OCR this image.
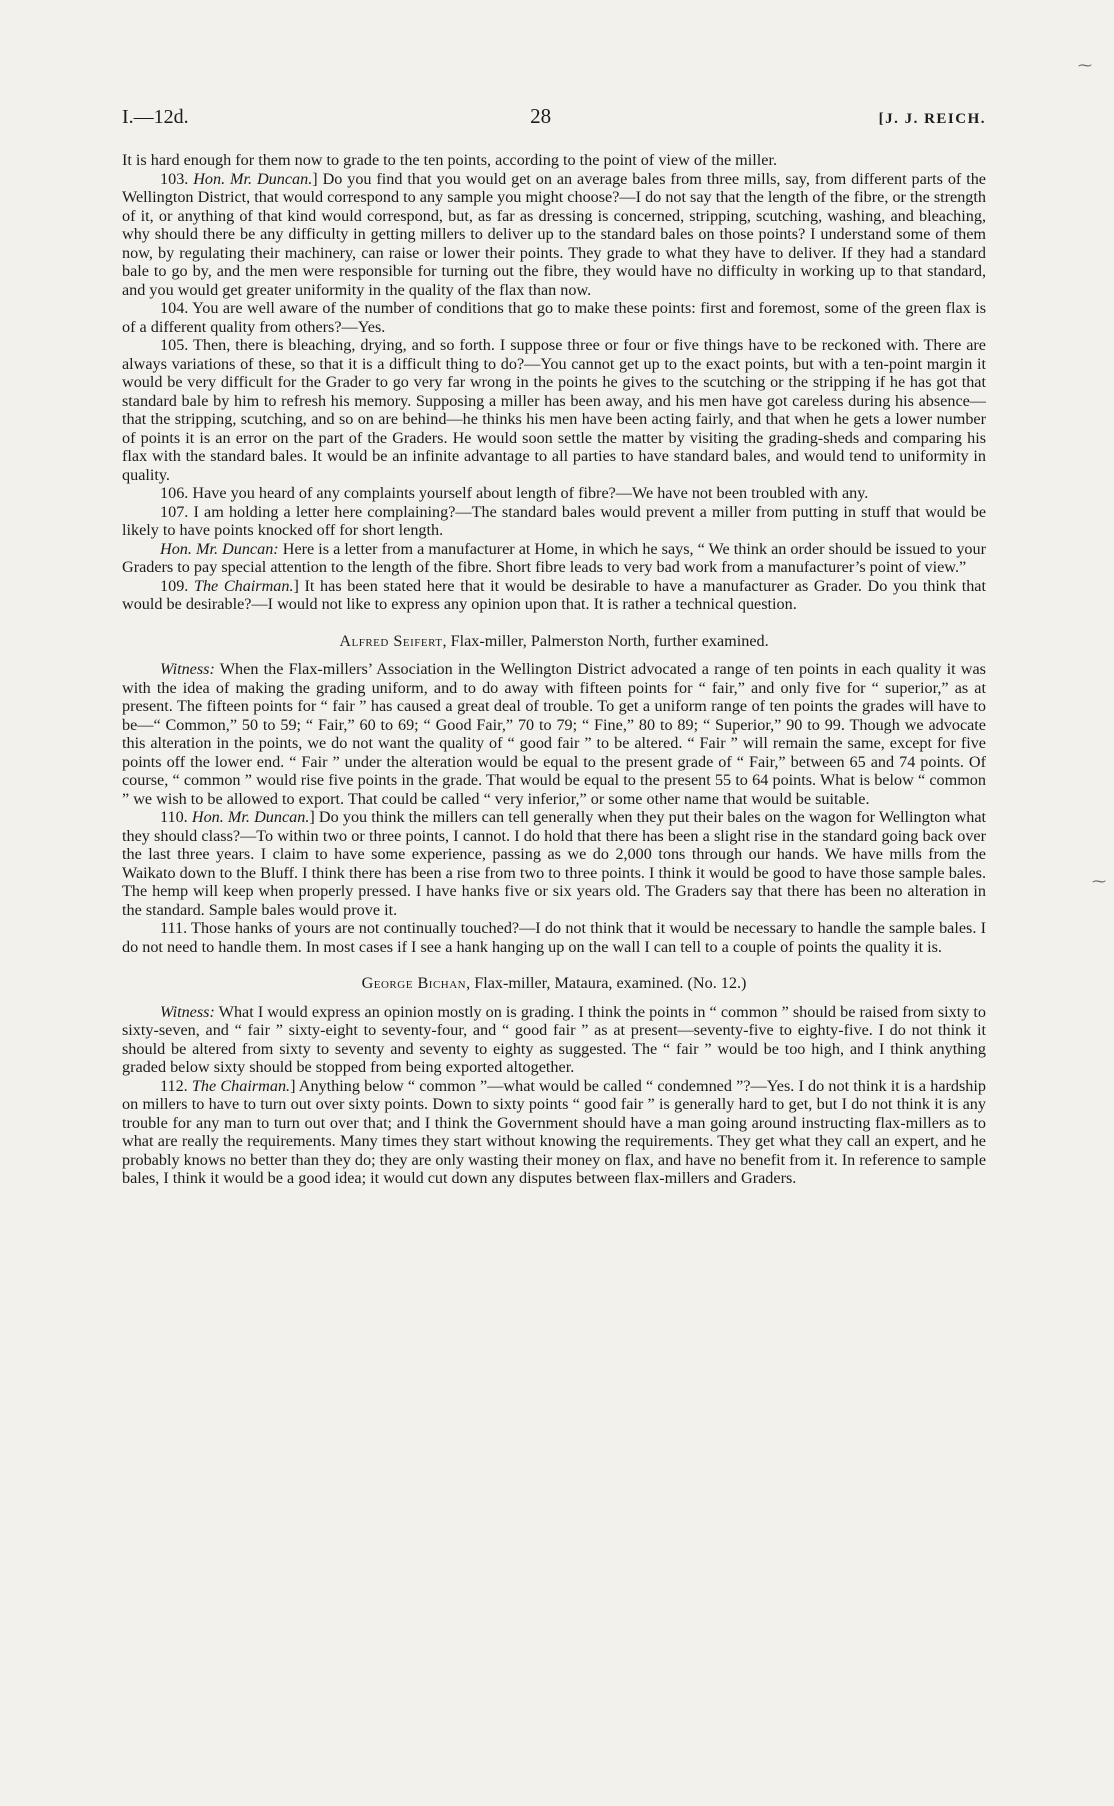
⁓
⁓
I.—12d.	28	[J. J. REICH.

It is hard enough for them now to grade to the ten points, according to the point of view of the miller.

103. Hon. Mr. Duncan.] Do you find that you would get on an average bales from three mills, say, from different parts of the Wellington District, that would correspond to any sample you might choose?—I do not say that the length of the fibre, or the strength of it, or anything of that kind would correspond, but, as far as dressing is concerned, stripping, scutching, washing, and bleaching, why should there be any difficulty in getting millers to deliver up to the standard bales on those points? I understand some of them now, by regulating their machinery, can raise or lower their points. They grade to what they have to deliver. If they had a standard bale to go by, and the men were responsible for turning out the fibre, they would have no difficulty in working up to that standard, and you would get greater uniformity in the quality of the flax than now.

104. You are well aware of the number of conditions that go to make these points: first and foremost, some of the green flax is of a different quality from others?—Yes.

105. Then, there is bleaching, drying, and so forth. I suppose three or four or five things have to be reckoned with. There are always variations of these, so that it is a difficult thing to do?—You cannot get up to the exact points, but with a ten-point margin it would be very difficult for the Grader to go very far wrong in the points he gives to the scutching or the stripping if he has got that standard bale by him to refresh his memory. Supposing a miller has been away, and his men have got careless during his absence—that the stripping, scutching, and so on are behind—he thinks his men have been acting fairly, and that when he gets a lower number of points it is an error on the part of the Graders. He would soon settle the matter by visiting the grading-sheds and comparing his flax with the standard bales. It would be an infinite advantage to all parties to have standard bales, and would tend to uniformity in quality.

106. Have you heard of any complaints yourself about length of fibre?—We have not been troubled with any.

107. I am holding a letter here complaining?—The standard bales would prevent a miller from putting in stuff that would be likely to have points knocked off for short length.

Hon. Mr. Duncan: Here is a letter from a manufacturer at Home, in which he says, “ We think an order should be issued to your Graders to pay special attention to the length of the fibre. Short fibre leads to very bad work from a manufacturer’s point of view.”

109. The Chairman.] It has been stated here that it would be desirable to have a manufacturer as Grader. Do you think that would be desirable?—I would not like to express any opinion upon that. It is rather a technical question.

Alfred Seifert, Flax-miller, Palmerston North, further examined.

Witness: When the Flax-millers’ Association in the Wellington District advocated a range of ten points in each quality it was with the idea of making the grading uniform, and to do away with fifteen points for “ fair,” and only five for “ superior,” as at present. The fifteen points for “ fair ” has caused a great deal of trouble. To get a uniform range of ten points the grades will have to be—“ Common,” 50 to 59; “ Fair,” 60 to 69; “ Good Fair,” 70 to 79; “ Fine,” 80 to 89; “ Superior,” 90 to 99. Though we advocate this alteration in the points, we do not want the quality of “ good fair ” to be altered. “ Fair ” will remain the same, except for five points off the lower end. “ Fair ” under the alteration would be equal to the present grade of “ Fair,” between 65 and 74 points. Of course, “ common ” would rise five points in the grade. That would be equal to the present 55 to 64 points. What is below “ common ” we wish to be allowed to export. That could be called “ very inferior,” or some other name that would be suitable.

110. Hon. Mr. Duncan.] Do you think the millers can tell generally when they put their bales on the wagon for Wellington what they should class?—To within two or three points, I cannot. I do hold that there has been a slight rise in the standard going back over the last three years. I claim to have some experience, passing as we do 2,000 tons through our hands. We have mills from the Waikato down to the Bluff. I think there has been a rise from two to three points. I think it would be good to have those sample bales. The hemp will keep when properly pressed. I have hanks five or six years old. The Graders say that there has been no alteration in the standard. Sample bales would prove it.

111. Those hanks of yours are not continually touched?—I do not think that it would be necessary to handle the sample bales. I do not need to handle them. In most cases if I see a hank hanging up on the wall I can tell to a couple of points the quality it is.

George Bichan, Flax-miller, Mataura, examined. (No. 12.)

Witness: What I would express an opinion mostly on is grading. I think the points in “ common ” should be raised from sixty to sixty-seven, and “ fair ” sixty-eight to seventy-four, and “ good fair ” as at present—seventy-five to eighty-five. I do not think it should be altered from sixty to seventy and seventy to eighty as suggested. The “ fair ” would be too high, and I think anything graded below sixty should be stopped from being exported altogether.

112. The Chairman.] Anything below “ common ”—what would be called “ condemned ”?—Yes. I do not think it is a hardship on millers to have to turn out over sixty points. Down to sixty points “ good fair ” is generally hard to get, but I do not think it is any trouble for any man to turn out over that; and I think the Government should have a man going around instructing flax-millers as to what are really the requirements. Many times they start without knowing the requirements. They get what they call an expert, and he probably knows no better than they do; they are only wasting their money on flax, and have no benefit from it. In reference to sample bales, I think it would be a good idea; it would cut down any disputes between flax-millers and Graders.
